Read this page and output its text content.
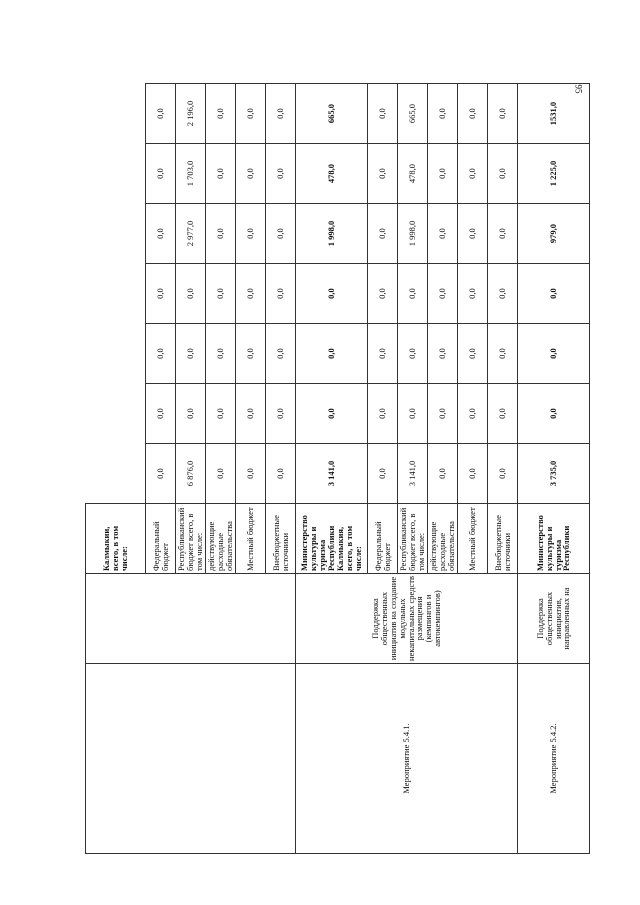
95
		Калмыкии, всего, в том числе:								
		Федеральный бюджет	0,0	0,0	0,0	0,0	0,0	0,0	0,0	
		Республиканский бюджет всего, в том числе:	6 876,0	0,0	0,0	0,0	2 977,0	1 703,0	2 196,0	
		действующие расходные обязательства	0,0	0,0	0,0	0,0	0,0	0,0	0,0	
		Местный бюджет	0,0	0,0	0,0	0,0	0,0	0,0	0,0	
		Внебюджетные источники	0,0	0,0	0,0	0,0	0,0	0,0	0,0	
Мероприятие 5.4.1.	Поддержка общественных инициатив на создание модульных некапитальных средств размещения (кемпингов и автокемпингов)	Министерство культуры и туризма Республики Калмыкия, всего, в том числе:	3 141,0	0,0	0,0	0,0	1 998,0	478,0	665,0	
		Федеральный бюджет	0,0	0,0	0,0	0,0	0,0	0,0	0,0	
		Республиканский бюджет всего, в том числе:	3 141,0	0,0	0,0	0,0	1 998,0	478,0	665,0	
		действующие расходные обязательства	0,0	0,0	0,0	0,0	0,0	0,0	0,0	
		Местный бюджет	0,0	0,0	0,0	0,0	0,0	0,0	0,0	
		Внебюджетные источники	0,0	0,0	0,0	0,0	0,0	0,0	0,0	
Мероприятие 5.4.2.	Поддержка общественных инициатив, направленных на	Министерство культуры и туризма Республики	3 735,0	0,0	0,0	0,0	979,0	1 225,0	1531,0	
